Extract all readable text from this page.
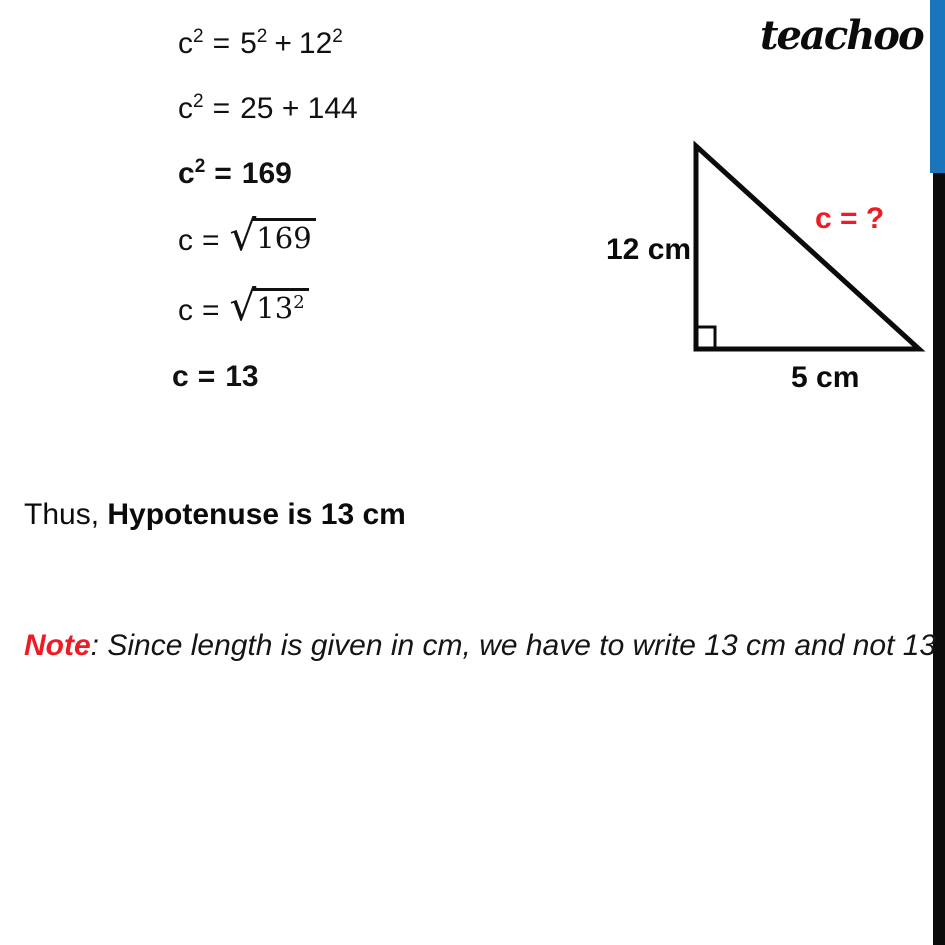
teachoo
$c^2 = 5^2 + 12^2$
$c^2 = 25 + 144$
$c^2 = 169$
c = √ 169
c = √ $13^2$
c = 13
12 cm
5 cm
c = ?
Thus, Hypotenuse is 13 cm
Note: Since length is given in cm, we have to write 13 cm and not 13
